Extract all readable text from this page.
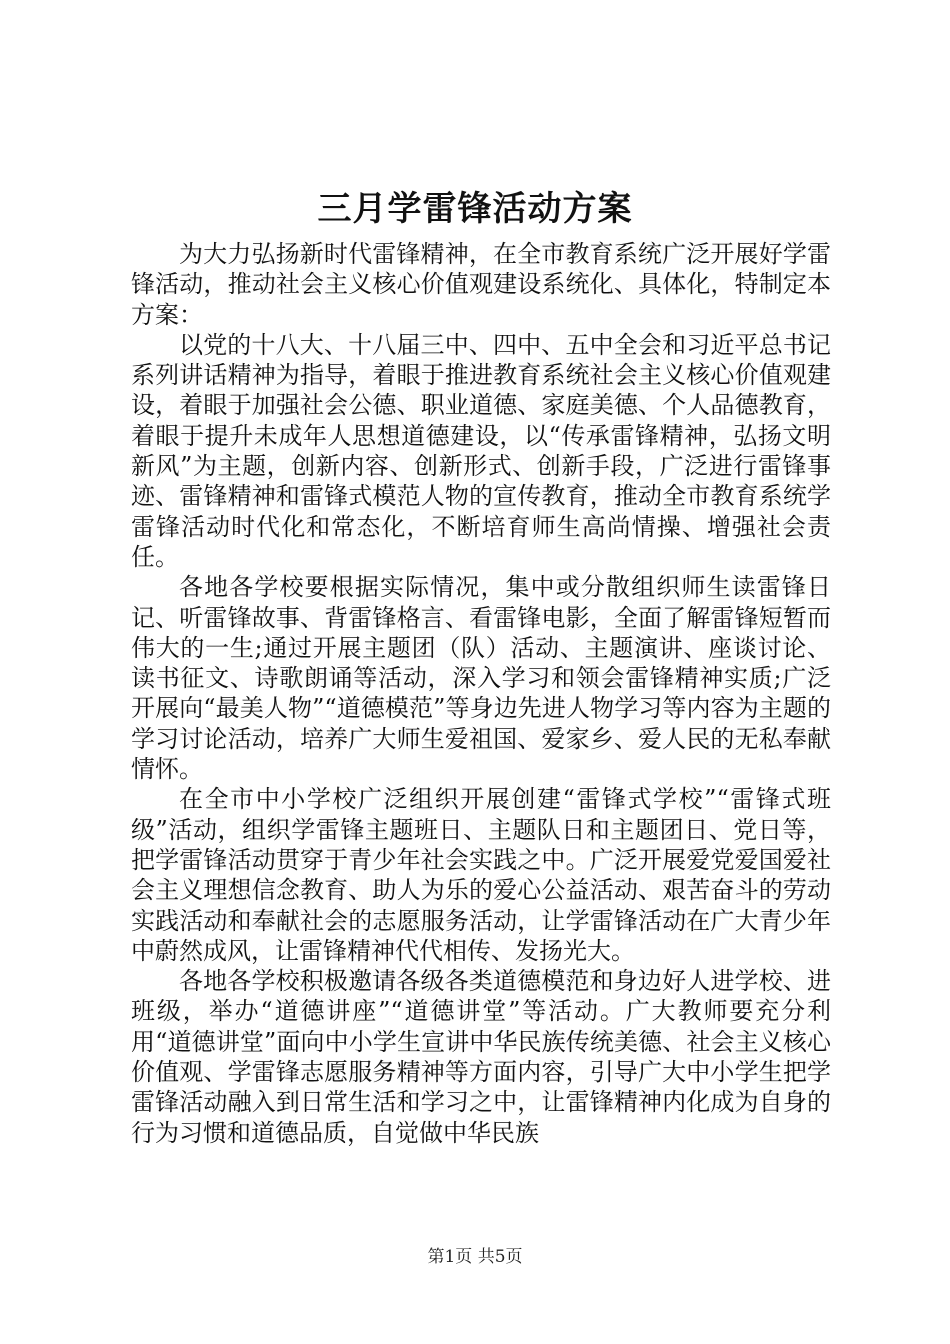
三月学雷锋活动方案

为大力弘扬新时代雷锋精神，在全市教育系统广泛开展好学雷锋活动，推动社会主义核心价值观建设系统化、具体化，特制定本方案：

以党的十八大、十八届三中、四中、五中全会和习近平总书记系列讲话精神为指导，着眼于推进教育系统社会主义核心价值观建设，着眼于加强社会公德、职业道德、家庭美德、个人品德教育，着眼于提升未成年人思想道德建设，以“传承雷锋精神，弘扬文明新风”为主题，创新内容、创新形式、创新手段，广泛进行雷锋事迹、雷锋精神和雷锋式模范人物的宣传教育，推动全市教育系统学雷锋活动时代化和常态化，不断培育师生高尚情操、增强社会责任。

各地各学校要根据实际情况，集中或分散组织师生读雷锋日记、听雷锋故事、背雷锋格言、看雷锋电影，全面了解雷锋短暂而伟大的一生;通过开展主题团（队）活动、主题演讲、座谈讨论、读书征文、诗歌朗诵等活动，深入学习和领会雷锋精神实质;广泛开展向“最美人物”“道德模范”等身边先进人物学习等内容为主题的学习讨论活动，培养广大师生爱祖国、爱家乡、爱人民的无私奉献情怀。

在全市中小学校广泛组织开展创建“雷锋式学校”“雷锋式班级”活动，组织学雷锋主题班日、主题队日和主题团日、党日等，把学雷锋活动贯穿于青少年社会实践之中。广泛开展爱党爱国爱社会主义理想信念教育、助人为乐的爱心公益活动、艰苦奋斗的劳动实践活动和奉献社会的志愿服务活动，让学雷锋活动在广大青少年中蔚然成风，让雷锋精神代代相传、发扬光大。

各地各学校积极邀请各级各类道德模范和身边好人进学校、进班级，举办“道德讲座”“道德讲堂”等活动。广大教师要充分利用“道德讲堂”面向中小学生宣讲中华民族传统美德、社会主义核心价值观、学雷锋志愿服务精神等方面内容，引导广大中小学生把学雷锋活动融入到日常生活和学习之中，让雷锋精神内化成为自身的行为习惯和道德品质，自觉做中华民族

第1页 共5页
